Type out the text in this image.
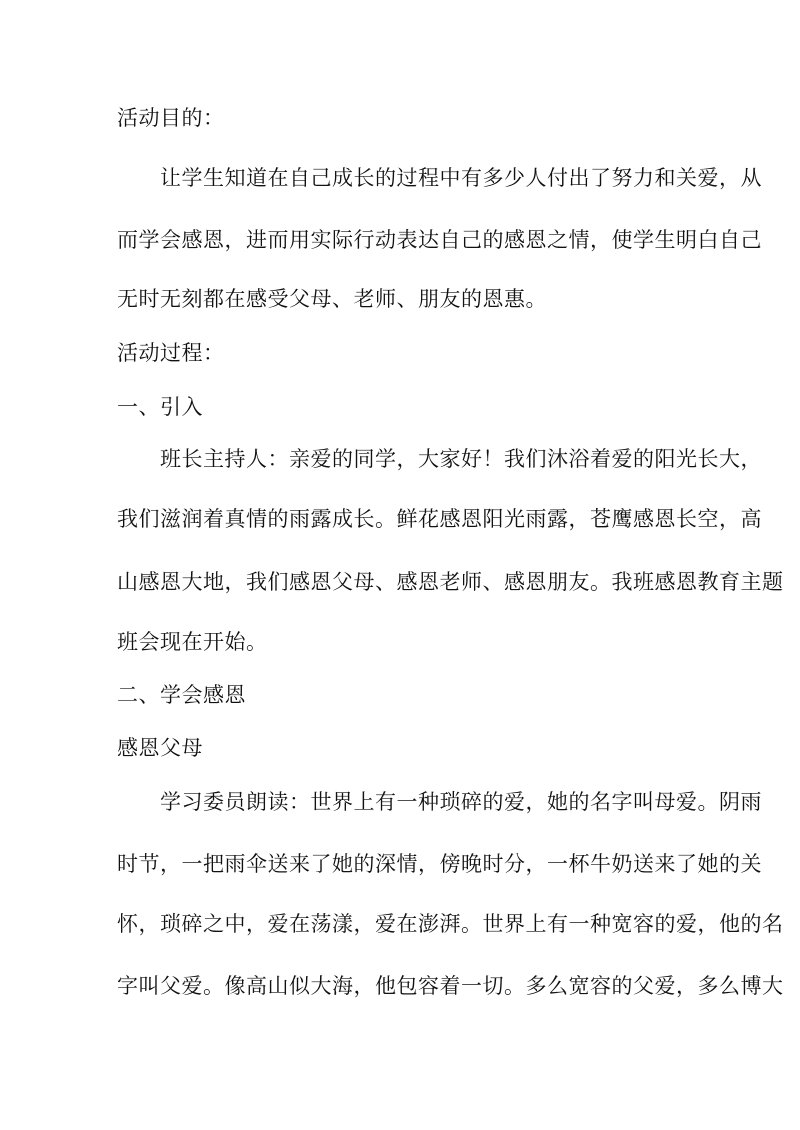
活动目的：
让学生知道在自己成长的过程中有多少人付出了努力和关爱，从
而学会感恩，进而用实际行动表达自己的感恩之情，使学生明白自己
无时无刻都在感受父母、老师、朋友的恩惠。
活动过程：
一、引入
班长主持人：亲爱的同学，大家好！我们沐浴着爱的阳光长大，
我们滋润着真情的雨露成长。鲜花感恩阳光雨露，苍鹰感恩长空，高
山感恩大地，我们感恩父母、感恩老师、感恩朋友。我班感恩教育主题
班会现在开始。
二、学会感恩
感恩父母
学习委员朗读：世界上有一种琐碎的爱，她的名字叫母爱。阴雨
时节，一把雨伞送来了她的深情，傍晚时分，一杯牛奶送来了她的关
怀，琐碎之中，爱在荡漾，爱在澎湃。世界上有一种宽容的爱，他的名
字叫父爱。像高山似大海，他包容着一切。多么宽容的父爱，多么博大
